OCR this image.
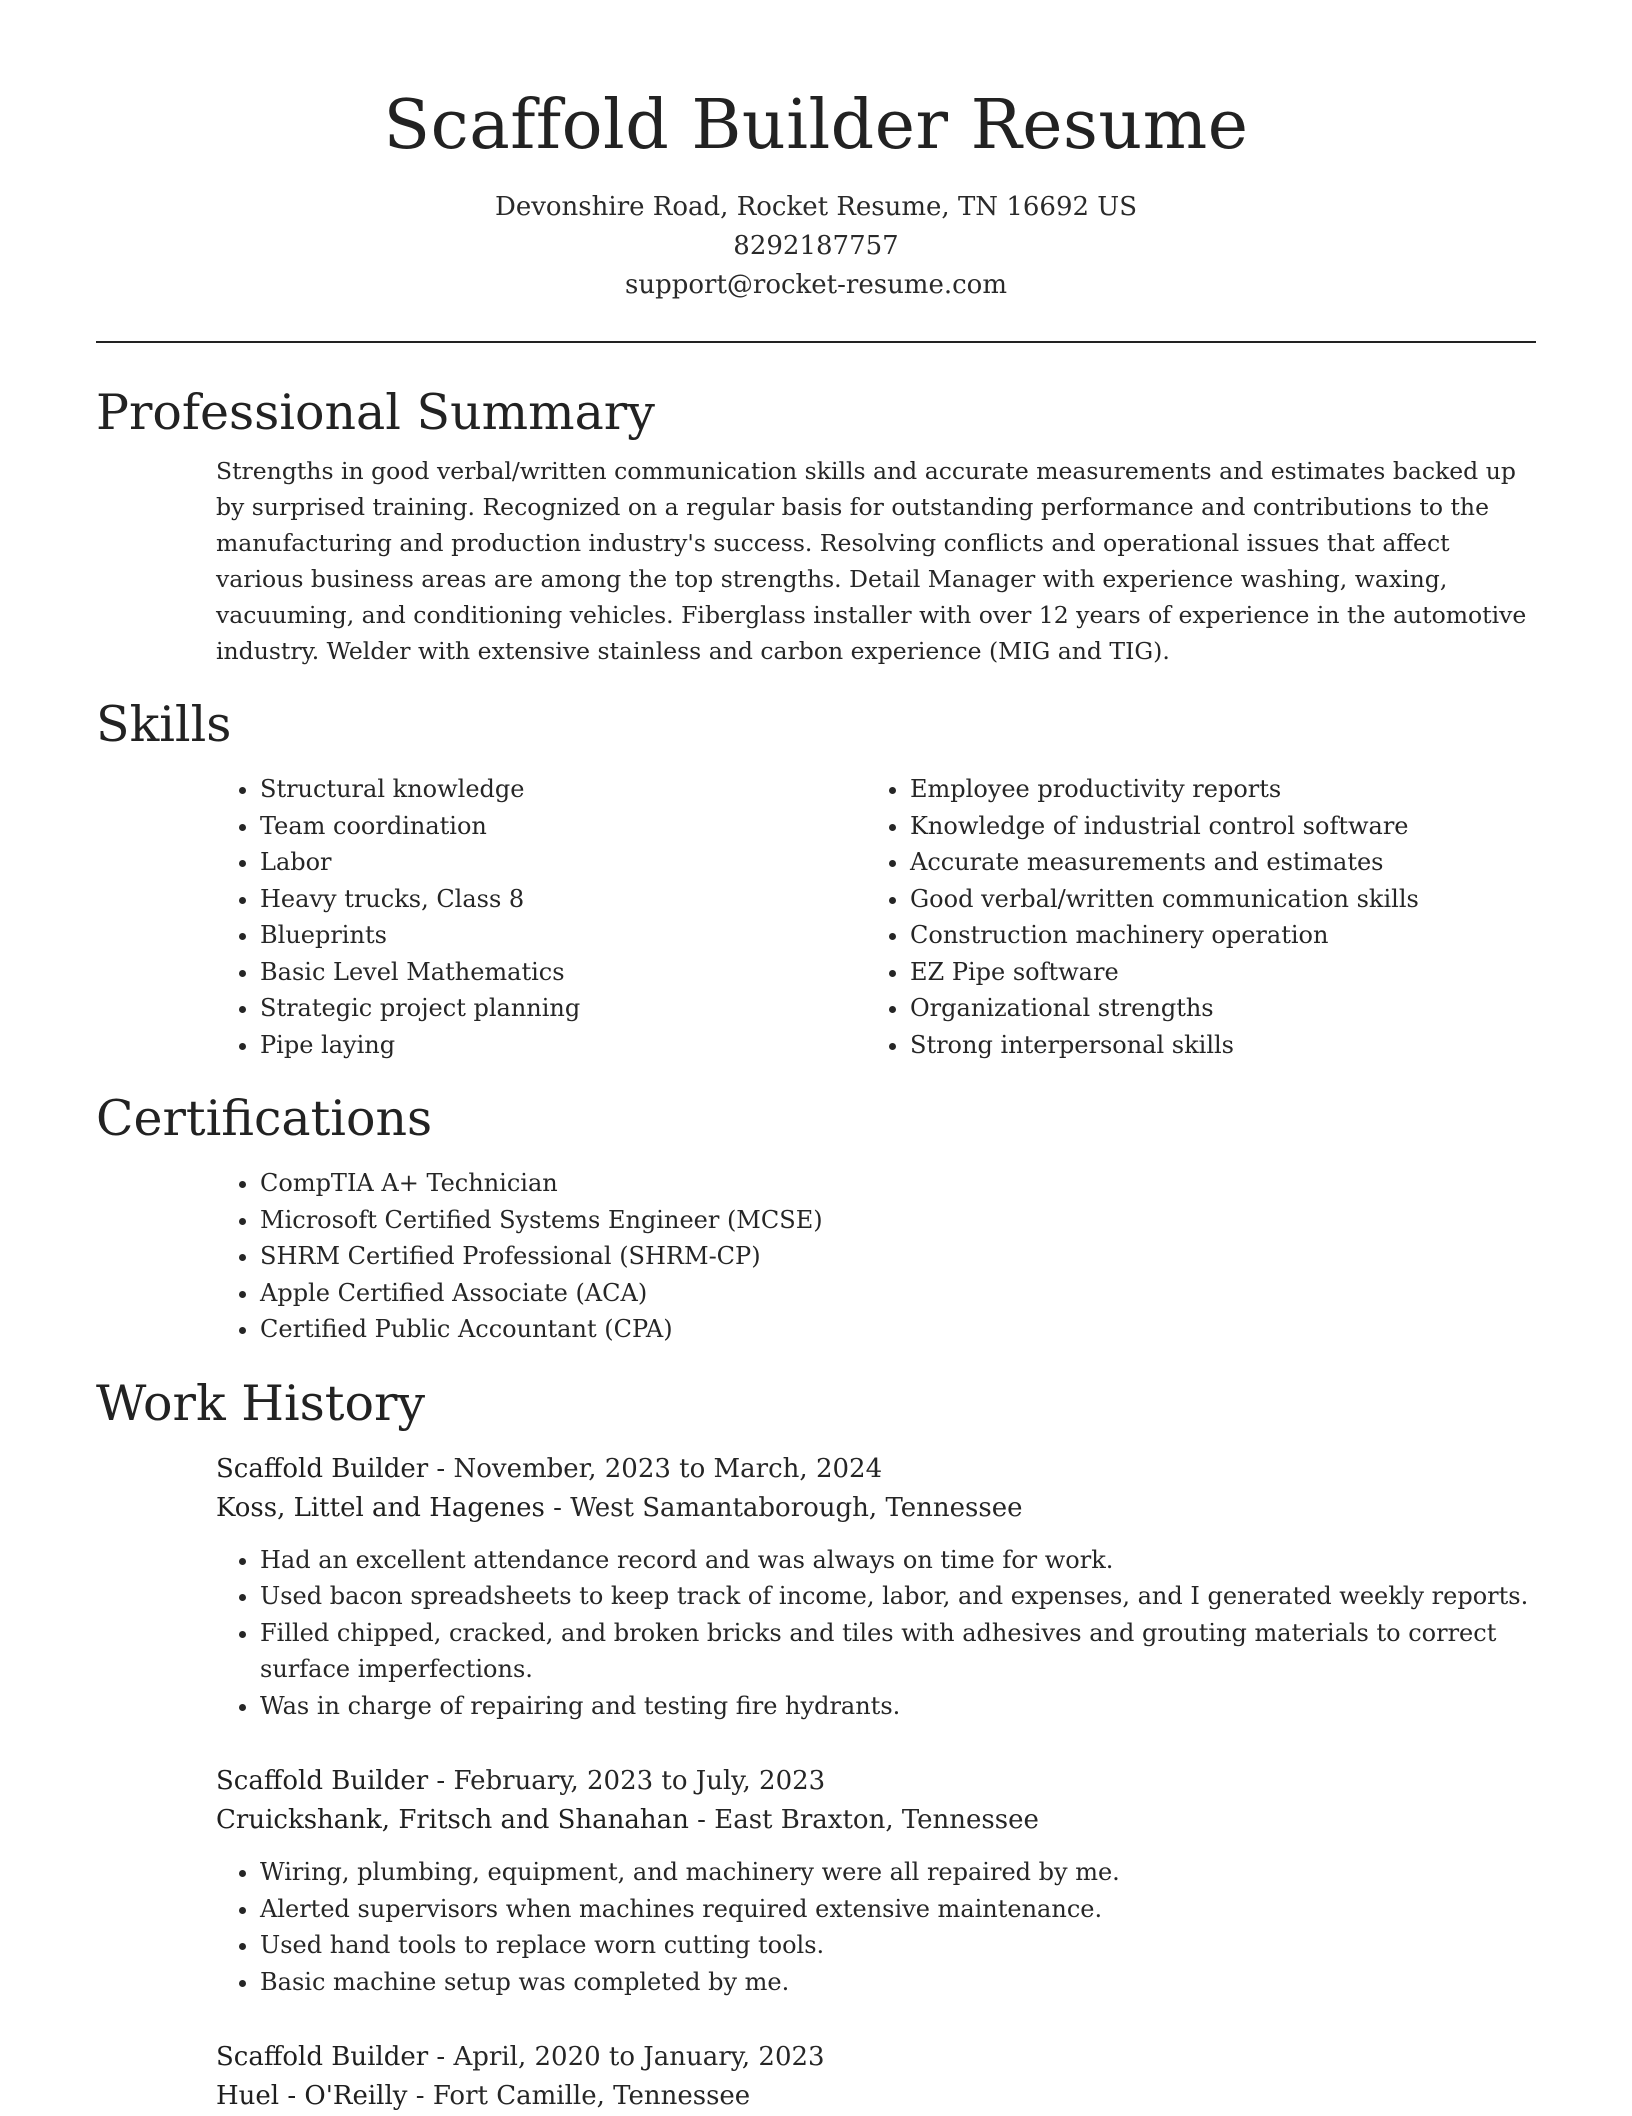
Scaffold Builder Resume
Devonshire Road, Rocket Resume, TN 16692 US
8292187757
support@rocket-resume.com
Professional Summary

Strengths in good verbal/written communication skills and accurate measurements and estimates backed up by surprised training. Recognized on a regular basis for outstanding performance and contributions to the manufacturing and production industry's success. Resolving conflicts and operational issues that affect various business areas are among the top strengths. Detail Manager with experience washing, waxing, vacuuming, and conditioning vehicles. Fiberglass installer with over 12 years of experience in the automotive industry. Welder with extensive stainless and carbon experience (MIG and TIG).

Skills
• Structural knowledge
• Team coordination
• Labor
• Heavy trucks, Class 8
• Blueprints
• Basic Level Mathematics
• Strategic project planning
• Pipe laying
• Employee productivity reports
• Knowledge of industrial control software
• Accurate measurements and estimates
• Good verbal/written communication skills
• Construction machinery operation
• EZ Pipe software
• Organizational strengths
• Strong interpersonal skills
Certifications
• CompTIA A+ Technician
• Microsoft Certified Systems Engineer (MCSE)
• SHRM Certified Professional (SHRM-CP)
• Apple Certified Associate (ACA)
• Certified Public Accountant (CPA)
Work History
Scaffold Builder - November, 2023 to March, 2024
Koss, Littel and Hagenes - West Samantaborough, Tennessee
• Had an excellent attendance record and was always on time for work.
• Used bacon spreadsheets to keep track of income, labor, and expenses, and I generated weekly reports.
• Filled chipped, cracked, and broken bricks and tiles with adhesives and grouting materials to correct surface imperfections.
• Was in charge of repairing and testing fire hydrants.
Scaffold Builder - February, 2023 to July, 2023
Cruickshank, Fritsch and Shanahan - East Braxton, Tennessee
• Wiring, plumbing, equipment, and machinery were all repaired by me.
• Alerted supervisors when machines required extensive maintenance.
• Used hand tools to replace worn cutting tools.
• Basic machine setup was completed by me.
Scaffold Builder - April, 2020 to January, 2023
Huel - O'Reilly - Fort Camille, Tennessee
